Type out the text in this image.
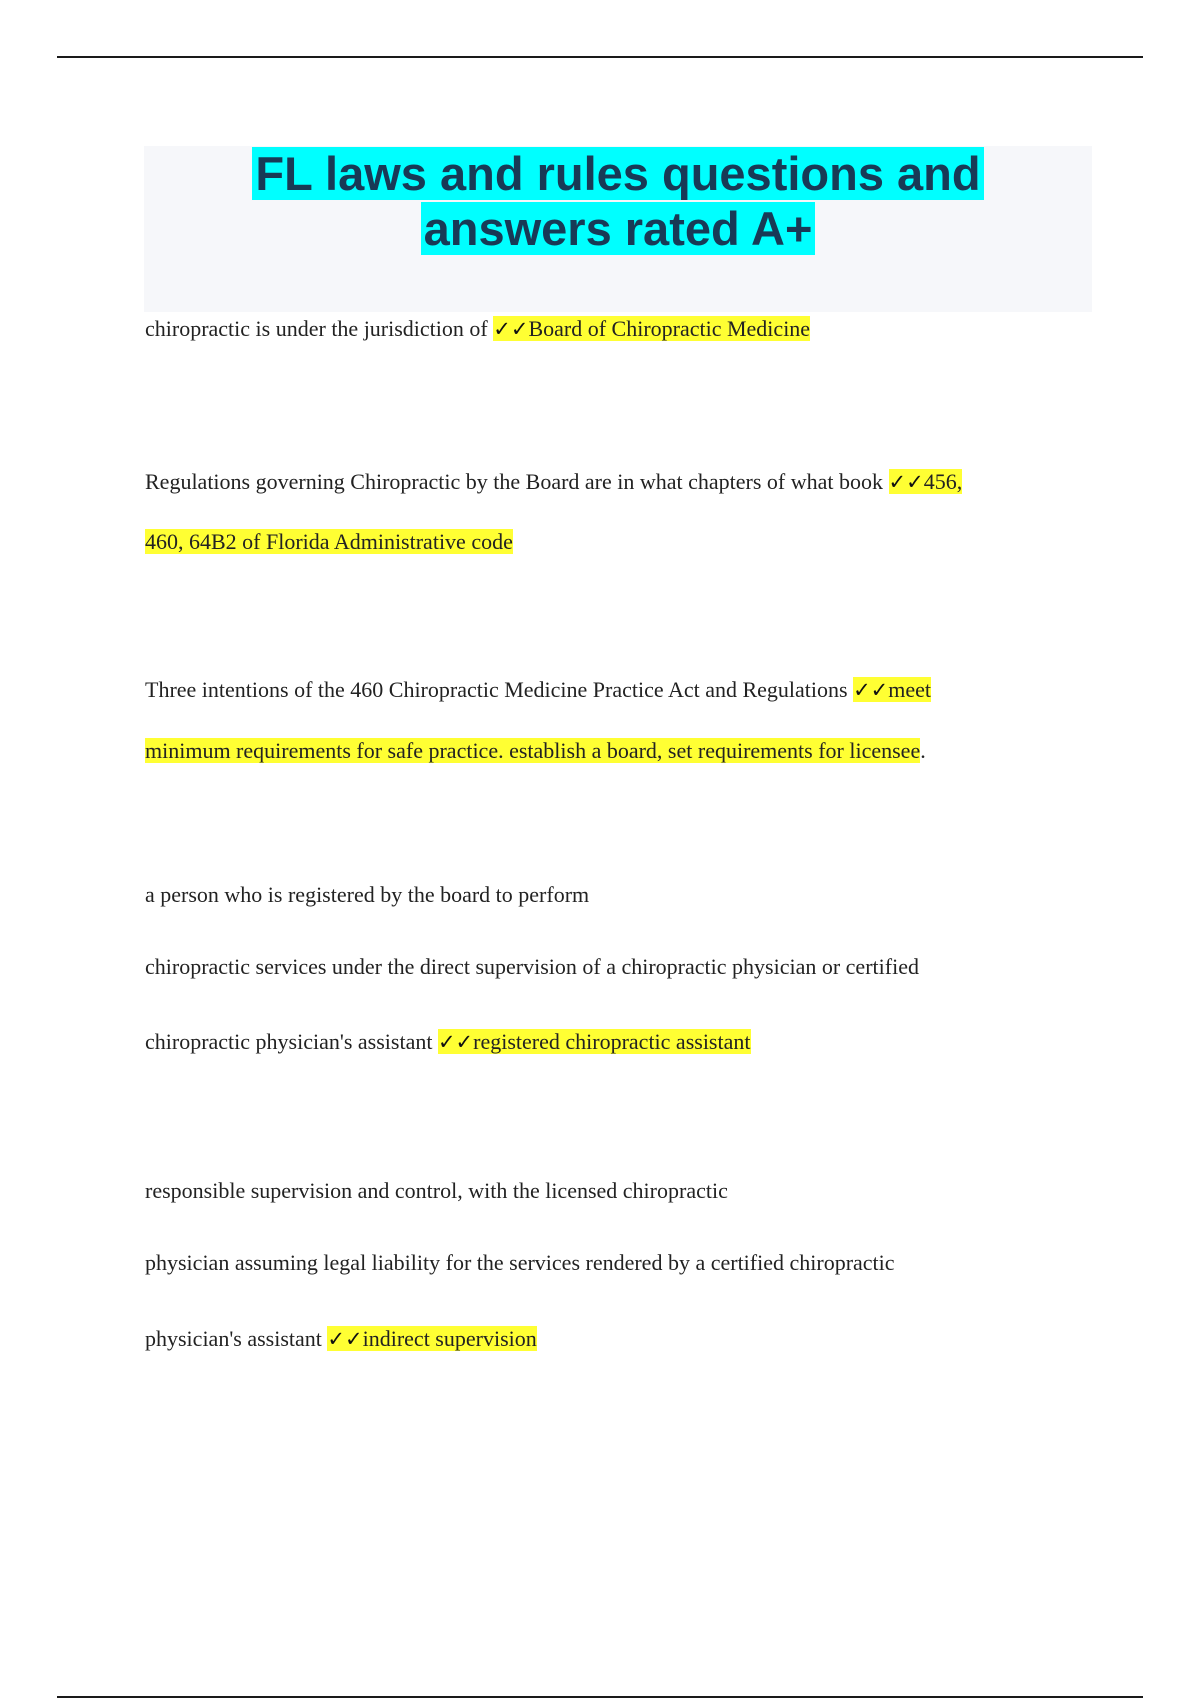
FL laws and rules questions and
answers rated A+
chiropractic is under the jurisdiction of ✓✓Board of Chiropractic Medicine
Regulations governing Chiropractic by the Board are in what chapters of what book ✓✓456,
460, 64B2 of Florida Administrative code
Three intentions of the 460 Chiropractic Medicine Practice Act and Regulations ✓✓meet
minimum requirements for safe practice. establish a board, set requirements for licensee.
a person who is registered by the board to perform
chiropractic services under the direct supervision of a chiropractic physician or certified
chiropractic physician's assistant ✓✓registered chiropractic assistant
responsible supervision and control, with the licensed chiropractic
physician assuming legal liability for the services rendered by a certified chiropractic
physician's assistant ✓✓indirect supervision
